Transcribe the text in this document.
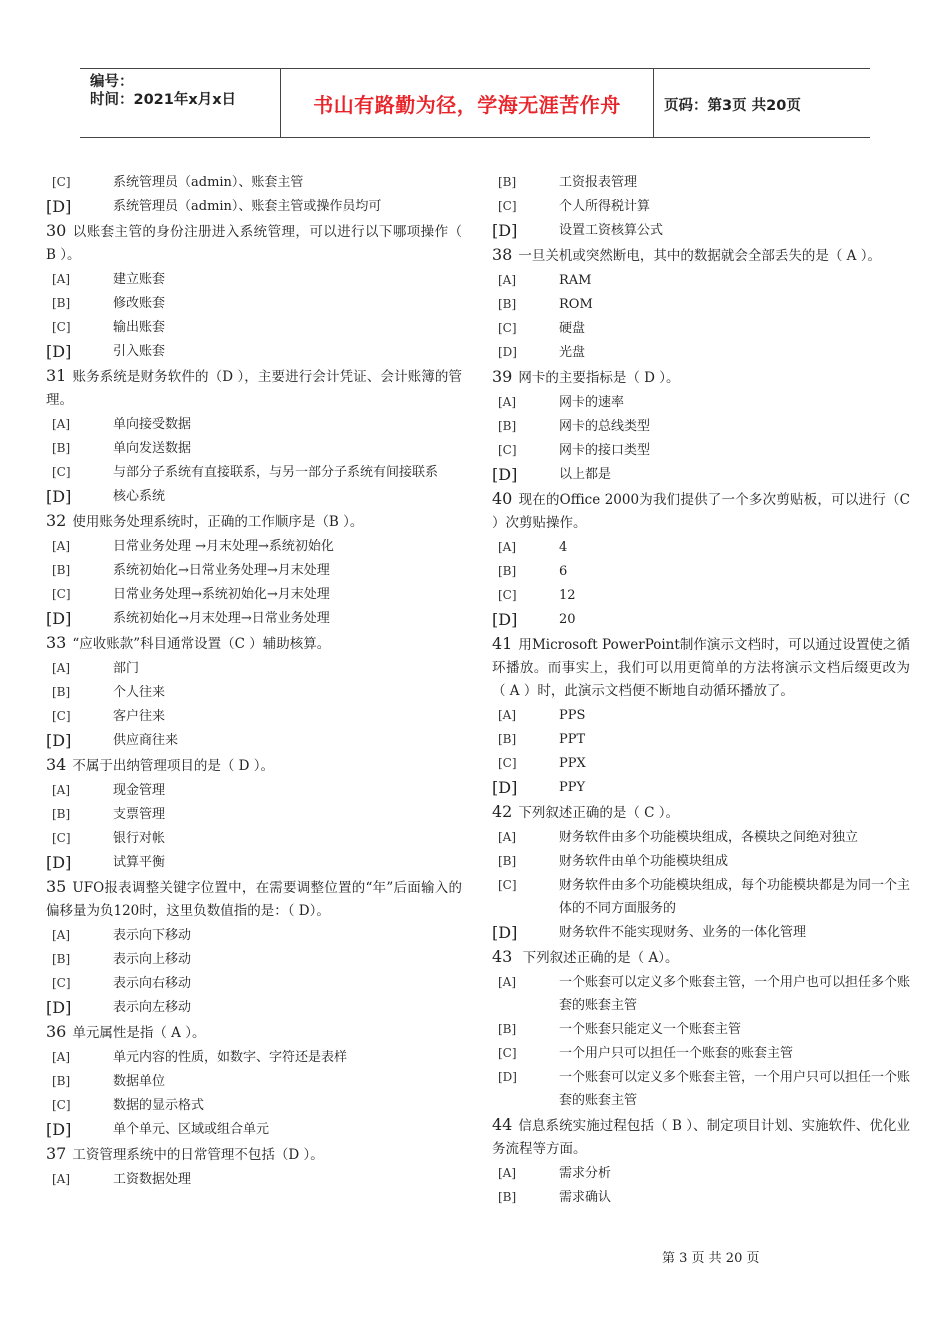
编号：
时间：2021年x月x日	书山有路勤为径，学海无涯苦作舟	页码：第3页 共20页
[C]	系统管理员（admin）、账套主管
[D]	系统管理员（admin）、账套主管或操作员均可
30 以账套主管的身份注册进入系统管理，可以进行以下哪项操作（ B ）。
[A]	建立账套
[B]	修改账套
[C]	输出账套
[D]	引入账套
31 账务系统是财务软件的（D ），主要进行会计凭证、会计账簿的管理。
[A]	单向接受数据
[B]	单向发送数据
[C]	与部分子系统有直接联系，与另一部分子系统有间接联系
[D]	核心系统
32 使用账务处理系统时，正确的工作顺序是（B ）。
[A]	日常业务处理 →月末处理→系统初始化
[B]	系统初始化→日常业务处理→月末处理
[C]	日常业务处理→系统初始化→月末处理
[D]	系统初始化→月末处理→日常业务处理
33 “应收账款”科目通常设置（C ）辅助核算。
[A]	部门
[B]	个人往来
[C]	客户往来
[D]	供应商往来
34 不属于出纳管理项目的是（ D ）。
[A]	现金管理
[B]	支票管理
[C]	银行对帐
[D]	试算平衡
35 UFO报表调整关键字位置中，在需要调整位置的“年”后面输入的偏移量为负120时，这里负数值指的是：（ D）。
[A]	表示向下移动
[B]	表示向上移动
[C]	表示向右移动
[D]	表示向左移动
36 单元属性是指（ A ）。
[A]	单元内容的性质，如数字、字符还是表样
[B]	数据单位
[C]	数据的显示格式
[D]	单个单元、区域或组合单元
37 工资管理系统中的日常管理不包括（D ）。
[A]	工资数据处理
[B]	工资报表管理
[C]	个人所得税计算
[D]	设置工资核算公式
38 一旦关机或突然断电，其中的数据就会全部丢失的是（ A ）。
[A]	RAM
[B]	ROM
[C]	硬盘
[D]	光盘
39 网卡的主要指标是（ D ）。
[A]	网卡的速率
[B]	网卡的总线类型
[C]	网卡的接口类型
[D]	以上都是
40 现在的Office 2000为我们提供了一个多次剪贴板，可以进行（C ）次剪贴操作。
[A]	4
[B]	6
[C]	12
[D]	20
41 用Microsoft PowerPoint制作演示文档时，可以通过设置使之循环播放。而事实上，我们可以用更简单的方法将演示文档后缀更改为（ A ）时，此演示文档便不断地自动循环播放了。
[A]	PPS
[B]	PPT
[C]	PPX
[D]	PPY
42 下列叙述正确的是（ C ）。
[A]	财务软件由多个功能模块组成，各模块之间绝对独立
[B]	财务软件由单个功能模块组成
[C]	财务软件由多个功能模块组成，每个功能模块都是为同一个主体的不同方面服务的
[D]	财务软件不能实现财务、业务的一体化管理
43 下列叙述正确的是（ A）。
[A]	一个账套可以定义多个账套主管，一个用户也可以担任多个账套的账套主管
[B]	一个账套只能定义一个账套主管
[C]	一个用户只可以担任一个账套的账套主管
[D]	一个账套可以定义多个账套主管，一个用户只可以担任一个账套的账套主管
44 信息系统实施过程包括（ B ）、制定项目计划、实施软件、优化业务流程等方面。
[A]	需求分析
[B]	需求确认
第 3 页 共 20 页
